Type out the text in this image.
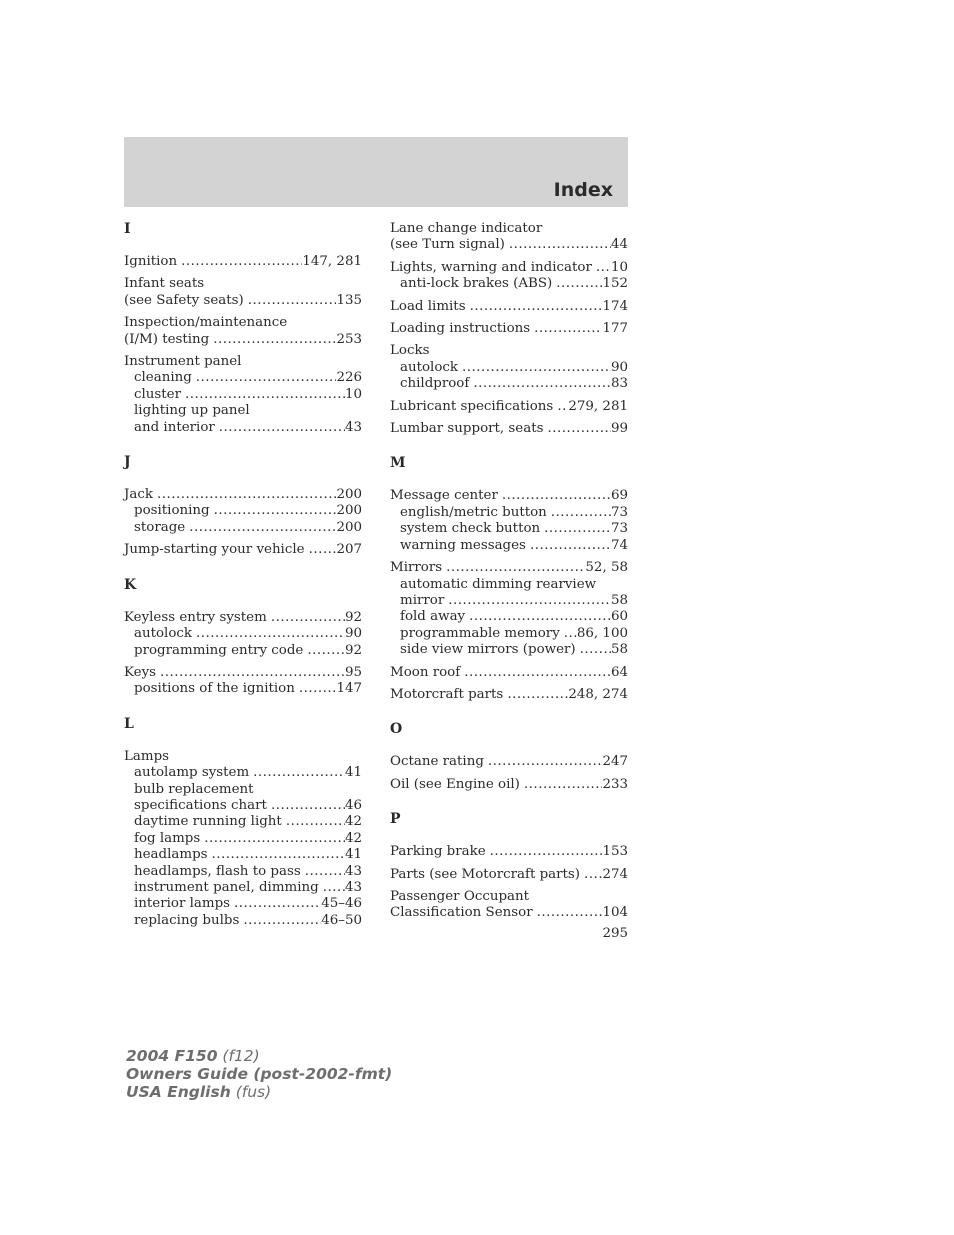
Index
I
Ignition .....	147, 281
Infant seats
(see Safety seats) .....	135
Inspection/maintenance
(I/M) testing .....	253
Instrument panel
cleaning .....	226
cluster .....	10
lighting up panel
and interior .....	43
J
Jack .....	200
positioning .....	200
storage .....	200
Jump-starting your vehicle ..... 207
K
Keyless entry system .....	92
autolock .....	90
programming entry code .....	92
Keys .....	95
positions of the ignition .....	147
L
Lamps
autolamp system .....	41
bulb replacement
specifications chart .....	46
daytime running light .....	42
fog lamps .....	42
headlamps .....	41
headlamps, flash to pass .....	43
instrument panel, dimming ..... 43
interior lamps .....	45–46
replacing bulbs .....	46–50
Lane change indicator
(see Turn signal) .....	44
Lights, warning and indicator ..... 10
anti-lock brakes (ABS) .....	152
Load limits .....	174
Loading instructions .....	177
Locks
autolock .....	90
childproof .....	83
Lubricant specifications ..... 279, 281
Lumbar support, seats .....	99
M
Message center .....	69
english/metric button .....	73
system check button .....	73
warning messages .....	74
Mirrors .....	52, 58
automatic dimming rearview
mirror .....	58
fold away .....	60
programmable memory ..... 86, 100
side view mirrors (power) .....	58
Moon roof .....	64
Motorcraft parts .....	248, 274
O
Octane rating .....	247
Oil (see Engine oil) .....	233
P
Parking brake .....	153
Parts (see Motorcraft parts) ..... 274
Passenger Occupant
Classification Sensor .....	104
295
2004 F150 (f12)
Owners Guide (post-2002-fmt)
USA English (fus)
